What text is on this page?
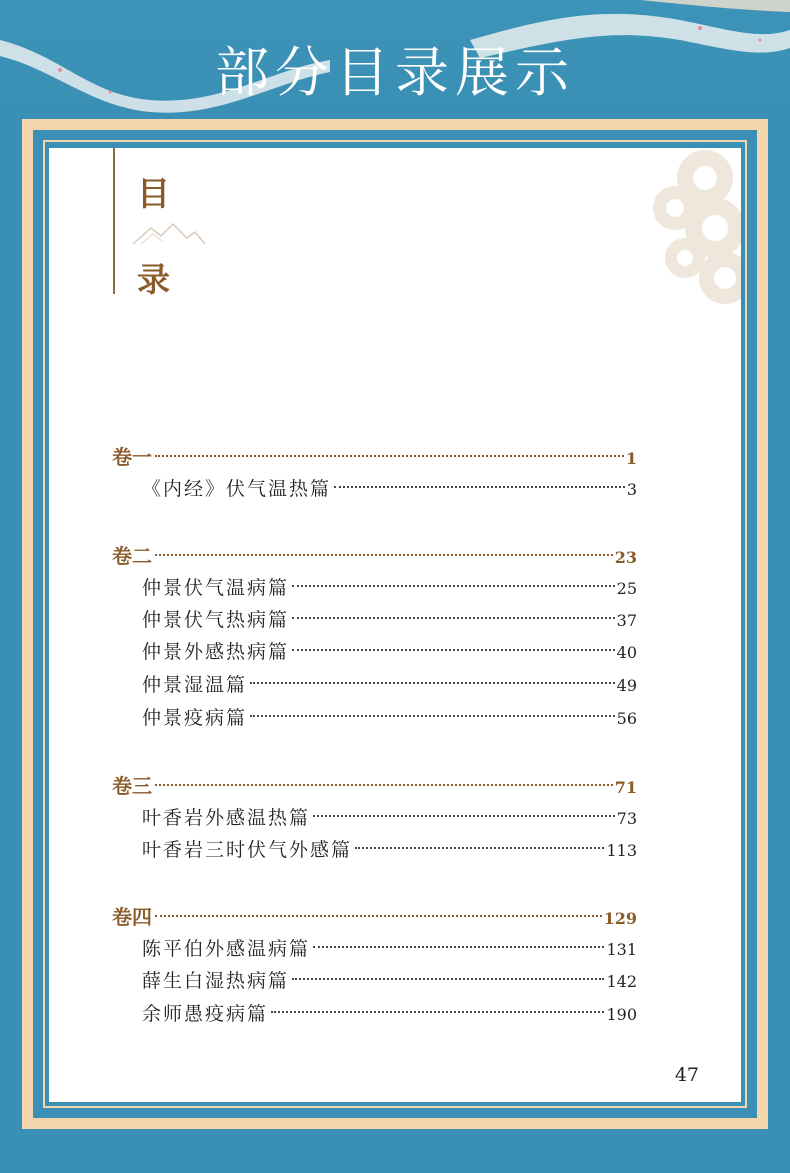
部分目录展示
目
录
卷一	1
《内经》伏气温热篇	3
卷二	23
仲景伏气温病篇	25
仲景伏气热病篇	37
仲景外感热病篇	40
仲景湿温篇	49
仲景疫病篇	56
卷三	71
叶香岩外感温热篇	73
叶香岩三时伏气外感篇	113
卷四	129
陈平伯外感温病篇	131
薛生白湿热病篇	142
余师愚疫病篇	190
47
